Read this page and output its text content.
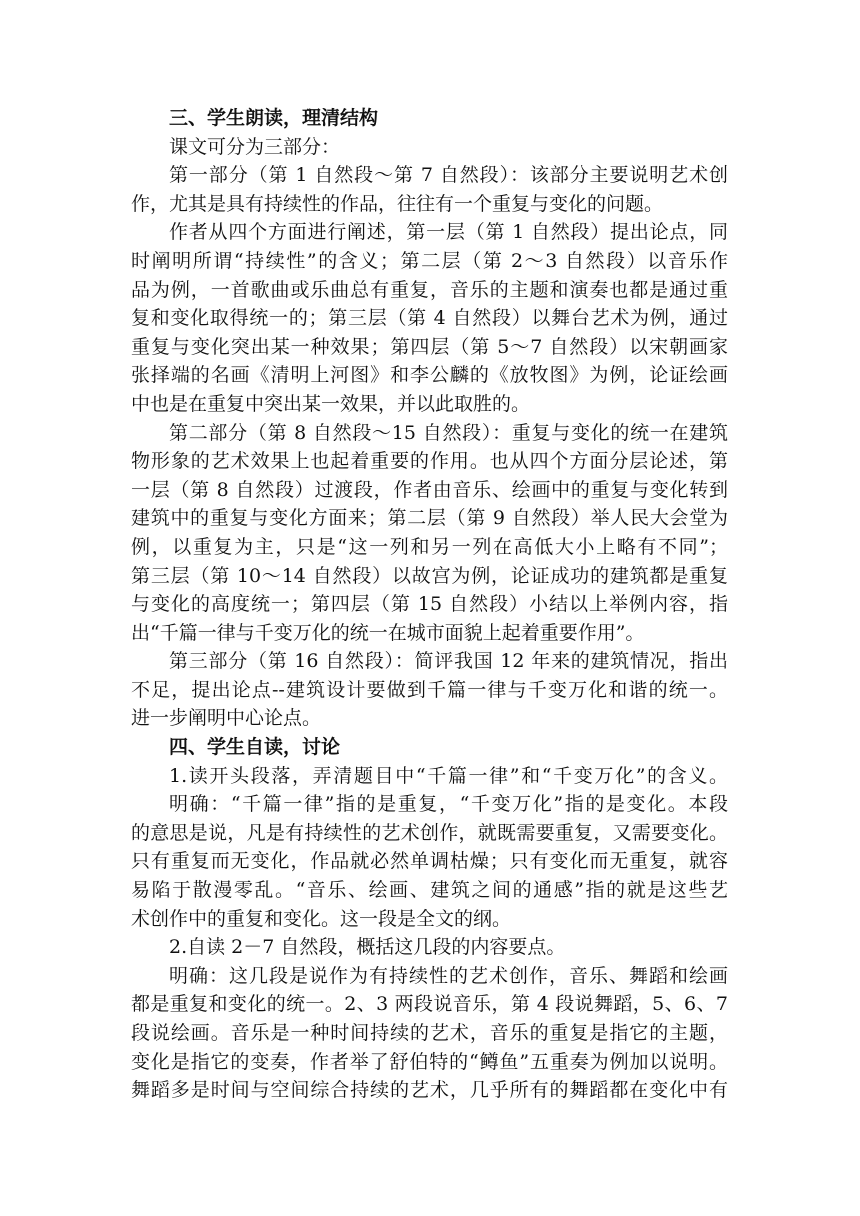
三、学生朗读，理清结构
课文可分为三部分：
第一部分（第 1 自然段～第 7 自然段）：该部分主要说明艺术创
作，尤其是具有持续性的作品，往往有一个重复与变化的问题。
作者从四个方面进行阐述，第一层（第 1 自然段）提出论点，同
时阐明所谓“持续性”的含义；第二层（第 2～3 自然段）以音乐作
品为例，一首歌曲或乐曲总有重复，音乐的主题和演奏也都是通过重
复和变化取得统一的；第三层（第 4 自然段）以舞台艺术为例，通过
重复与变化突出某一种效果；第四层（第 5～7 自然段）以宋朝画家
张择端的名画《清明上河图》和李公麟的《放牧图》为例，论证绘画
中也是在重复中突出某一效果，并以此取胜的。
第二部分（第 8 自然段～15 自然段）：重复与变化的统一在建筑
物形象的艺术效果上也起着重要的作用。也从四个方面分层论述，第
一层（第 8 自然段）过渡段，作者由音乐、绘画中的重复与变化转到
建筑中的重复与变化方面来；第二层（第 9 自然段）举人民大会堂为
例，以重复为主，只是“这一列和另一列在高低大小上略有不同”；
第三层（第 10～14 自然段）以故宫为例，论证成功的建筑都是重复
与变化的高度统一；第四层（第 15 自然段）小结以上举例内容，指
出“千篇一律与千变万化的统一在城市面貌上起着重要作用”。
第三部分（第 16 自然段）：简评我国 12 年来的建筑情况，指出
不足，提出论点--建筑设计要做到千篇一律与千变万化和谐的统一。
进一步阐明中心论点。
四、学生自读，讨论
1.读开头段落，弄清题目中“千篇一律”和“千变万化”的含义。
明确：“千篇一律”指的是重复，“千变万化”指的是变化。本段
的意思是说，凡是有持续性的艺术创作，就既需要重复，又需要变化。
只有重复而无变化，作品就必然单调枯燥；只有变化而无重复，就容
易陷于散漫零乱。“音乐、绘画、建筑之间的通感”指的就是这些艺
术创作中的重复和变化。这一段是全文的纲。
2.自读 2－7 自然段，概括这几段的内容要点。
明确：这几段是说作为有持续性的艺术创作，音乐、舞蹈和绘画
都是重复和变化的统一。2、3 两段说音乐，第 4 段说舞蹈，5、6、7
段说绘画。音乐是一种时间持续的艺术，音乐的重复是指它的主题，
变化是指它的变奏，作者举了舒伯特的“鳟鱼”五重奏为例加以说明。
舞蹈多是时间与空间综合持续的艺术，几乎所有的舞蹈都在变化中有
